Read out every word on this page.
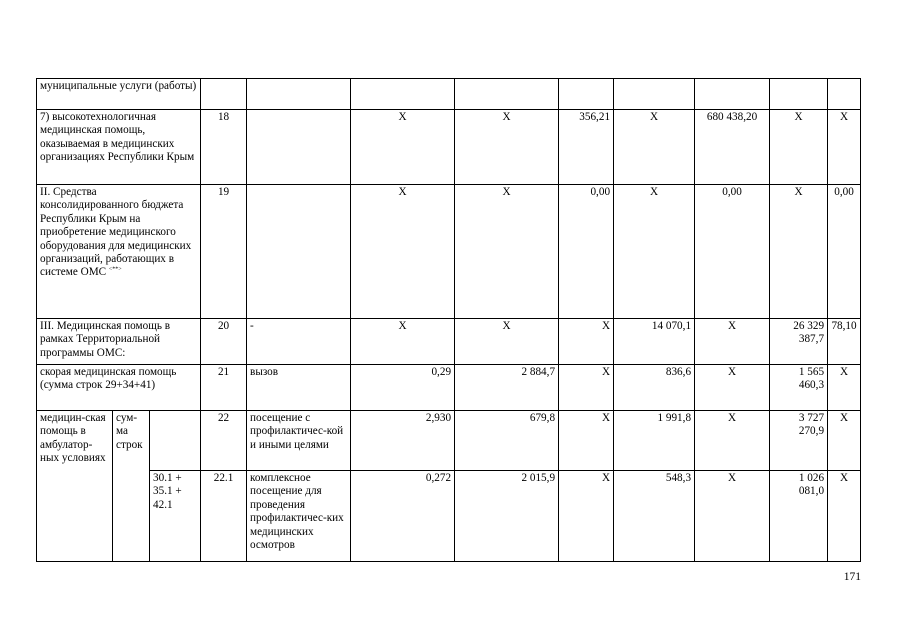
муниципальные услуги (работы)											
7) высокотехнологичная медицинская помощь, оказываемая в медицинских организациях Республики Крым			18		Х	Х	356,21	Х	680 438,20	Х	Х
II. Средства консолидированного бюджета Республики Крым на приобретение медицинского оборудования для медицинских организаций, работающих в системе ОМС <**>			19		Х	Х	0,00	Х	0,00	Х	0,00
III. Медицинская помощь в рамках Территориальной программы ОМС:			20	-	Х	Х	Х	14 070,1	Х	26 329 387,7	78,10
скорая медицинская помощь (сумма строк 29+34+41)			21	вызов	0,29	2 884,7	Х	836,6	Х	1 565 460,3	Х
медицин-ская помощь в амбулатор-ных условиях	сум-ма строк		22	посещение с профилактичес-кой и иными целями	2,930	679,8	Х	1 991,8	Х	3 727 270,9	Х
		30.1 + 35.1 + 42.1	22.1	комплексное посещение для проведения профилактичес-ких медицинских осмотров	0,272	2 015,9	Х	548,3	Х	1 026 081,0	Х
171
